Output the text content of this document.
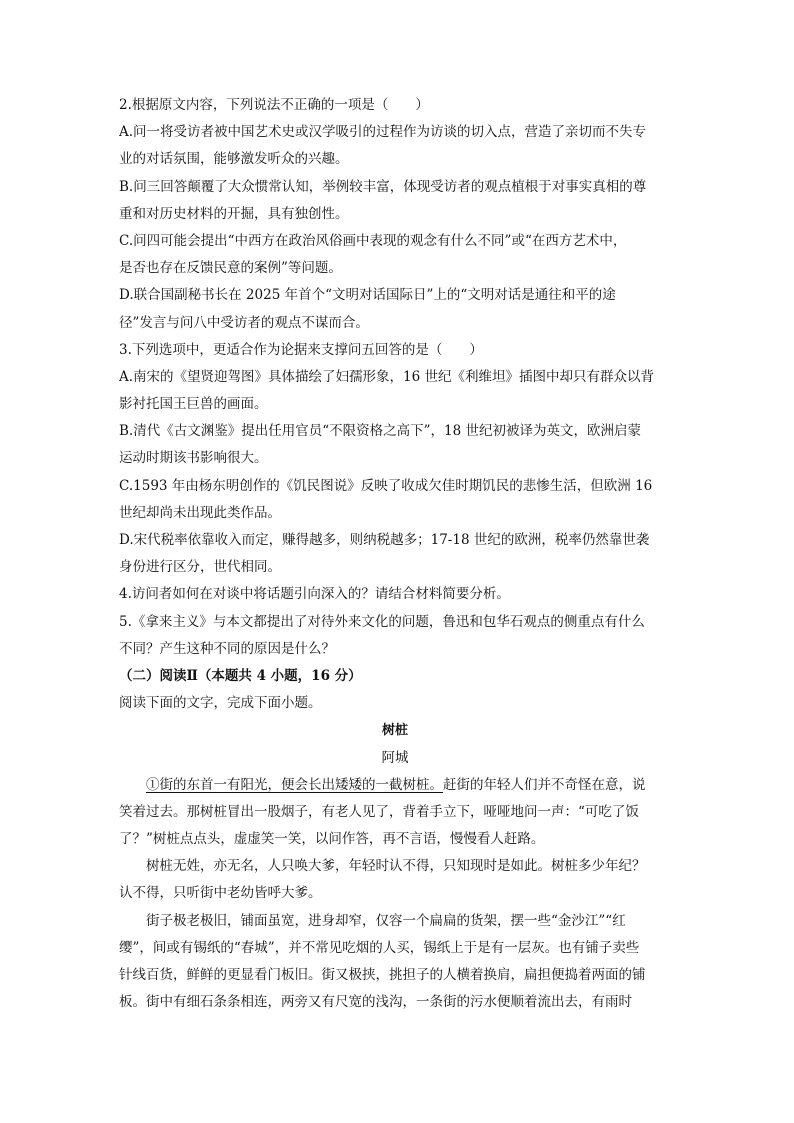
2.根据原文内容，下列说法不正确的一项是（　　）
A.问一将受访者被中国艺术史或汉学吸引的过程作为访谈的切入点，营造了亲切而不失专
业的对话氛围，能够激发听众的兴趣。
B.问三回答颠覆了大众惯常认知，举例较丰富，体现受访者的观点植根于对事实真相的尊
重和对历史材料的开掘，具有独创性。
C.问四可能会提出“中西方在政治风俗画中表现的观念有什么不同”或“在西方艺术中，
是否也存在反馈民意的案例”等问题。
D.联合国副秘书长在 2025 年首个“文明对话国际日”上的“文明对话是通往和平的途
径”发言与问八中受访者的观点不谋而合。
3.下列选项中，更适合作为论据来支撑问五回答的是（　　）
A.南宋的《望贤迎驾图》具体描绘了妇孺形象，16 世纪《利维坦》插图中却只有群众以背
影衬托国王巨兽的画面。
B.清代《古文渊鉴》提出任用官员“不限资格之高下”，18 世纪初被译为英文，欧洲启蒙
运动时期该书影响很大。
C.1593 年由杨东明创作的《饥民图说》反映了收成欠佳时期饥民的悲惨生活，但欧洲 16
世纪却尚未出现此类作品。
D.宋代税率依靠收入而定，赚得越多，则纳税越多；17-18 世纪的欧洲，税率仍然靠世袭
身份进行区分，世代相同。
4.访问者如何在对谈中将话题引向深入的？请结合材料简要分析。
5.《拿来主义》与本文都提出了对待外来文化的问题，鲁迅和包华石观点的侧重点有什么
不同？产生这种不同的原因是什么？
（二）阅读Ⅱ（本题共 4 小题，16 分）
阅读下面的文字，完成下面小题。
树桩
阿城
①街的东首一有阳光，便会长出矮矮的一截树桩。赶街的年轻人们并不奇怪在意，说
笑着过去。那树桩冒出一股烟子，有老人见了，背着手立下，哑哑地问一声：“可吃了饭
了？”树桩点点头，虚虚笑一笑，以问作答，再不言语，慢慢看人赶路。
树桩无姓，亦无名，人只唤大爹，年轻时认不得，只知现时是如此。树桩多少年纪？
认不得，只听街中老幼皆呼大爹。
街子极老极旧，铺面虽宽，进身却窄，仅容一个扁扁的货架，摆一些“金沙江”“红
缨”，间或有锡纸的“春城”，并不常见吃烟的人买，锡纸上于是有一层灰。也有铺子卖些
针线百货，鲜鲜的更显看门板旧。街又极挟，挑担子的人横着换肩，扁担便捣着两面的铺
板。街中有细石条条相连，两旁又有尺宽的浅沟，一条街的污水便顺着流出去，有雨时
